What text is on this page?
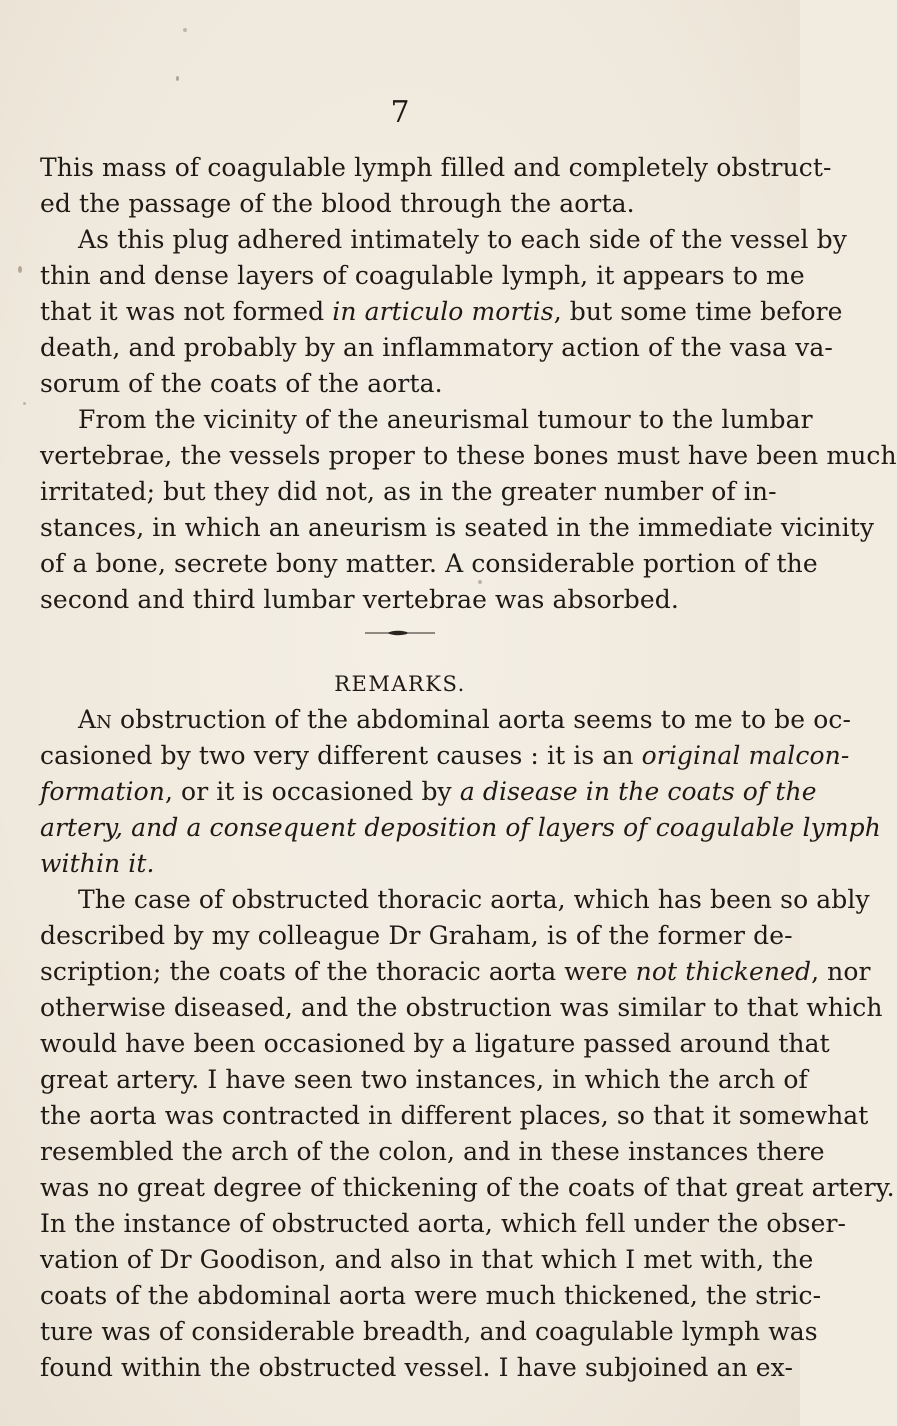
7
This mass of coagulable lymph filled and completely obstruct-
ed the passage of the blood through the aorta.
As this plug adhered intimately to each side of the vessel by
thin and dense layers of coagulable lymph, it appears to me
that it was not formed in articulo mortis , but some time before
death, and probably by an inflammatory action of the vasa va-
sorum of the coats of the aorta.
From the vicinity of the aneurismal tumour to the lumbar
vertebrae, the vessels proper to these bones must have been much
irritated; but they did not, as in the greater number of in-
stances, in which an aneurism is seated in the immediate vicinity
of a bone, secrete bony matter. A considerable portion of the
second and third lumbar vertebrae was absorbed.
REMARKS.
An obstruction of the abdominal aorta seems to me to be oc-
casioned by two very different causes : it is an original malcon-
formation , or it is occasioned by a disease in the coats of the
artery, and a consequent deposition of layers of coagulable lymph
within it.
The case of obstructed thoracic aorta, which has been so ably
described by my colleague Dr Graham, is of the former de-
scription; the coats of the thoracic aorta were not thickened , nor
otherwise diseased, and the obstruction was similar to that which
would have been occasioned by a ligature passed around that
great artery. I have seen two instances, in which the arch of
the aorta was contracted in different places, so that it somewhat
resembled the arch of the colon, and in these instances there
was no great degree of thickening of the coats of that great artery.
In the instance of obstructed aorta, which fell under the obser-
vation of Dr Goodison, and also in that which I met with, the
coats of the abdominal aorta were much thickened, the stric-
ture was of considerable breadth, and coagulable lymph was
found within the obstructed vessel. I have subjoined an ex-
